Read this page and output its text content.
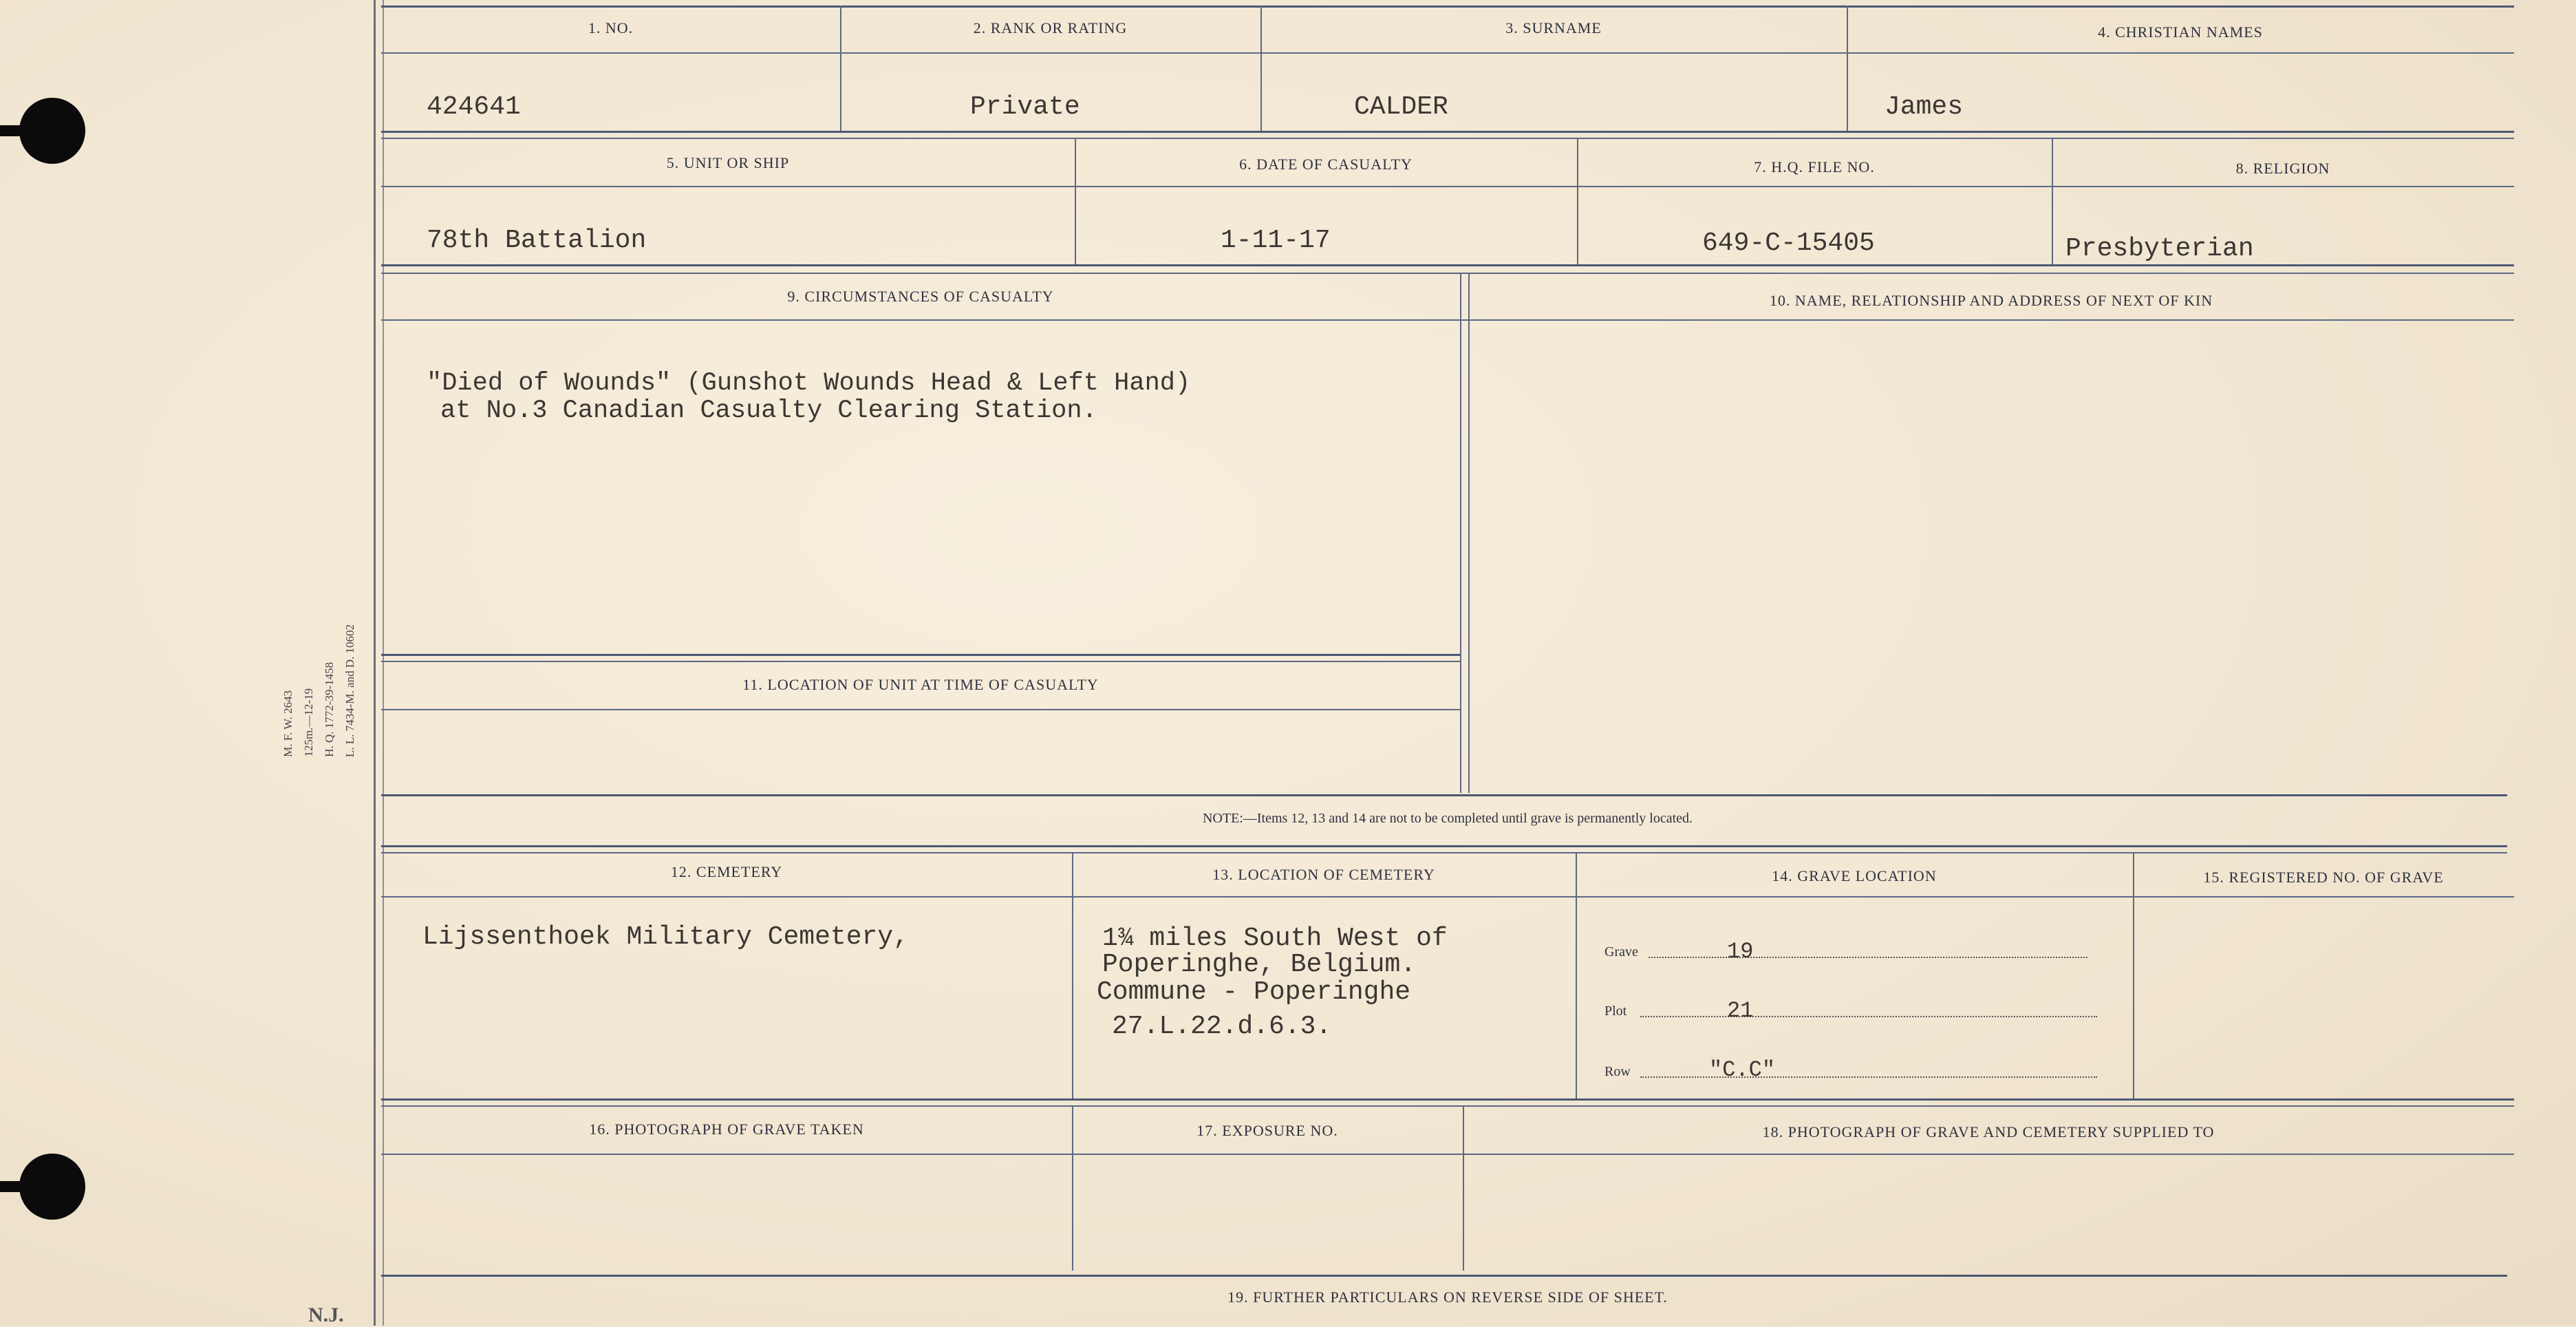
M. F. W. 2643 125m.—12-19 H. Q. 1772-39-1458 L. L. 7434-M. and D. 10602
N.J.
1. NO.	2. RANK OR RATING	3. SURNAME	4. CHRISTIAN NAMES
424641	Private	CALDER	James
5. UNIT OR SHIP	6. DATE OF CASUALTY	7. H.Q. FILE NO.	8. RELIGION
78th Battalion	1-11-17	649-C-15405	Presbyterian
9. CIRCUMSTANCES OF CASUALTY	10. NAME, RELATIONSHIP AND ADDRESS OF NEXT OF KIN
"Died of Wounds" (Gunshot Wounds Head & Left Hand)
at No.3 Canadian Casualty Clearing Station.
11. LOCATION OF UNIT AT TIME OF CASUALTY
NOTE:—Items 12, 13 and 14 are not to be completed until grave is permanently located.
12. CEMETERY	13. LOCATION OF CEMETERY	14. GRAVE LOCATION	15. REGISTERED NO. OF GRAVE
Lijssenthoek Military Cemetery,	1¾ miles South West of
Poperinghe, Belgium.
Commune - Poperinghe
27.L.22.d.6.3.
Grave	19
Plot	21
Row	"C.C"
16. PHOTOGRAPH OF GRAVE TAKEN	17. EXPOSURE NO.	18. PHOTOGRAPH OF GRAVE AND CEMETERY SUPPLIED TO
19. FURTHER PARTICULARS ON REVERSE SIDE OF SHEET.
